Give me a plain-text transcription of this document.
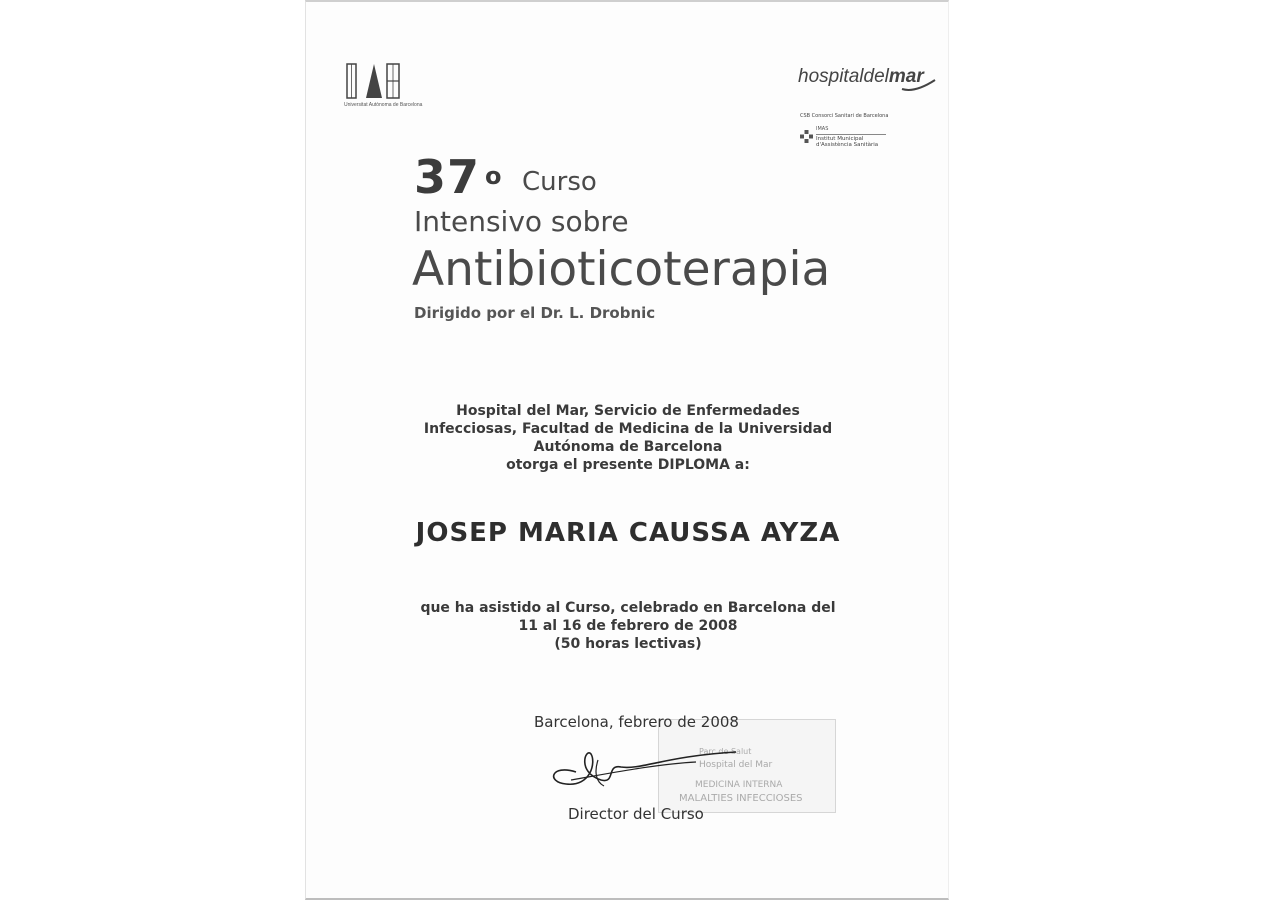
Universitat Autònoma de Barcelona
hospitaldelmar
CSB Consorci Sanitari de Barcelona
IMAS
Institut Municipal
d'Assistència Sanitària
37 o Curso
Intensivo sobre
Antibioticoterapia
Dirigido por el Dr. L. Drobnic
Hospital del Mar, Servicio de Enfermedades
Infecciosas, Facultad de Medicina de la Universidad
Autónoma de Barcelona
otorga el presente DIPLOMA a:
JOSEP MARIA CAUSSA AYZA
que ha asistido al Curso, celebrado en Barcelona del
11 al 16 de febrero de 2008
(50 horas lectivas)
Parc de Salut
Hospital del Mar
MEDICINA INTERNA
MALALTIES INFECCIOSES
Barcelona, febrero de 2008
Director del Curso
